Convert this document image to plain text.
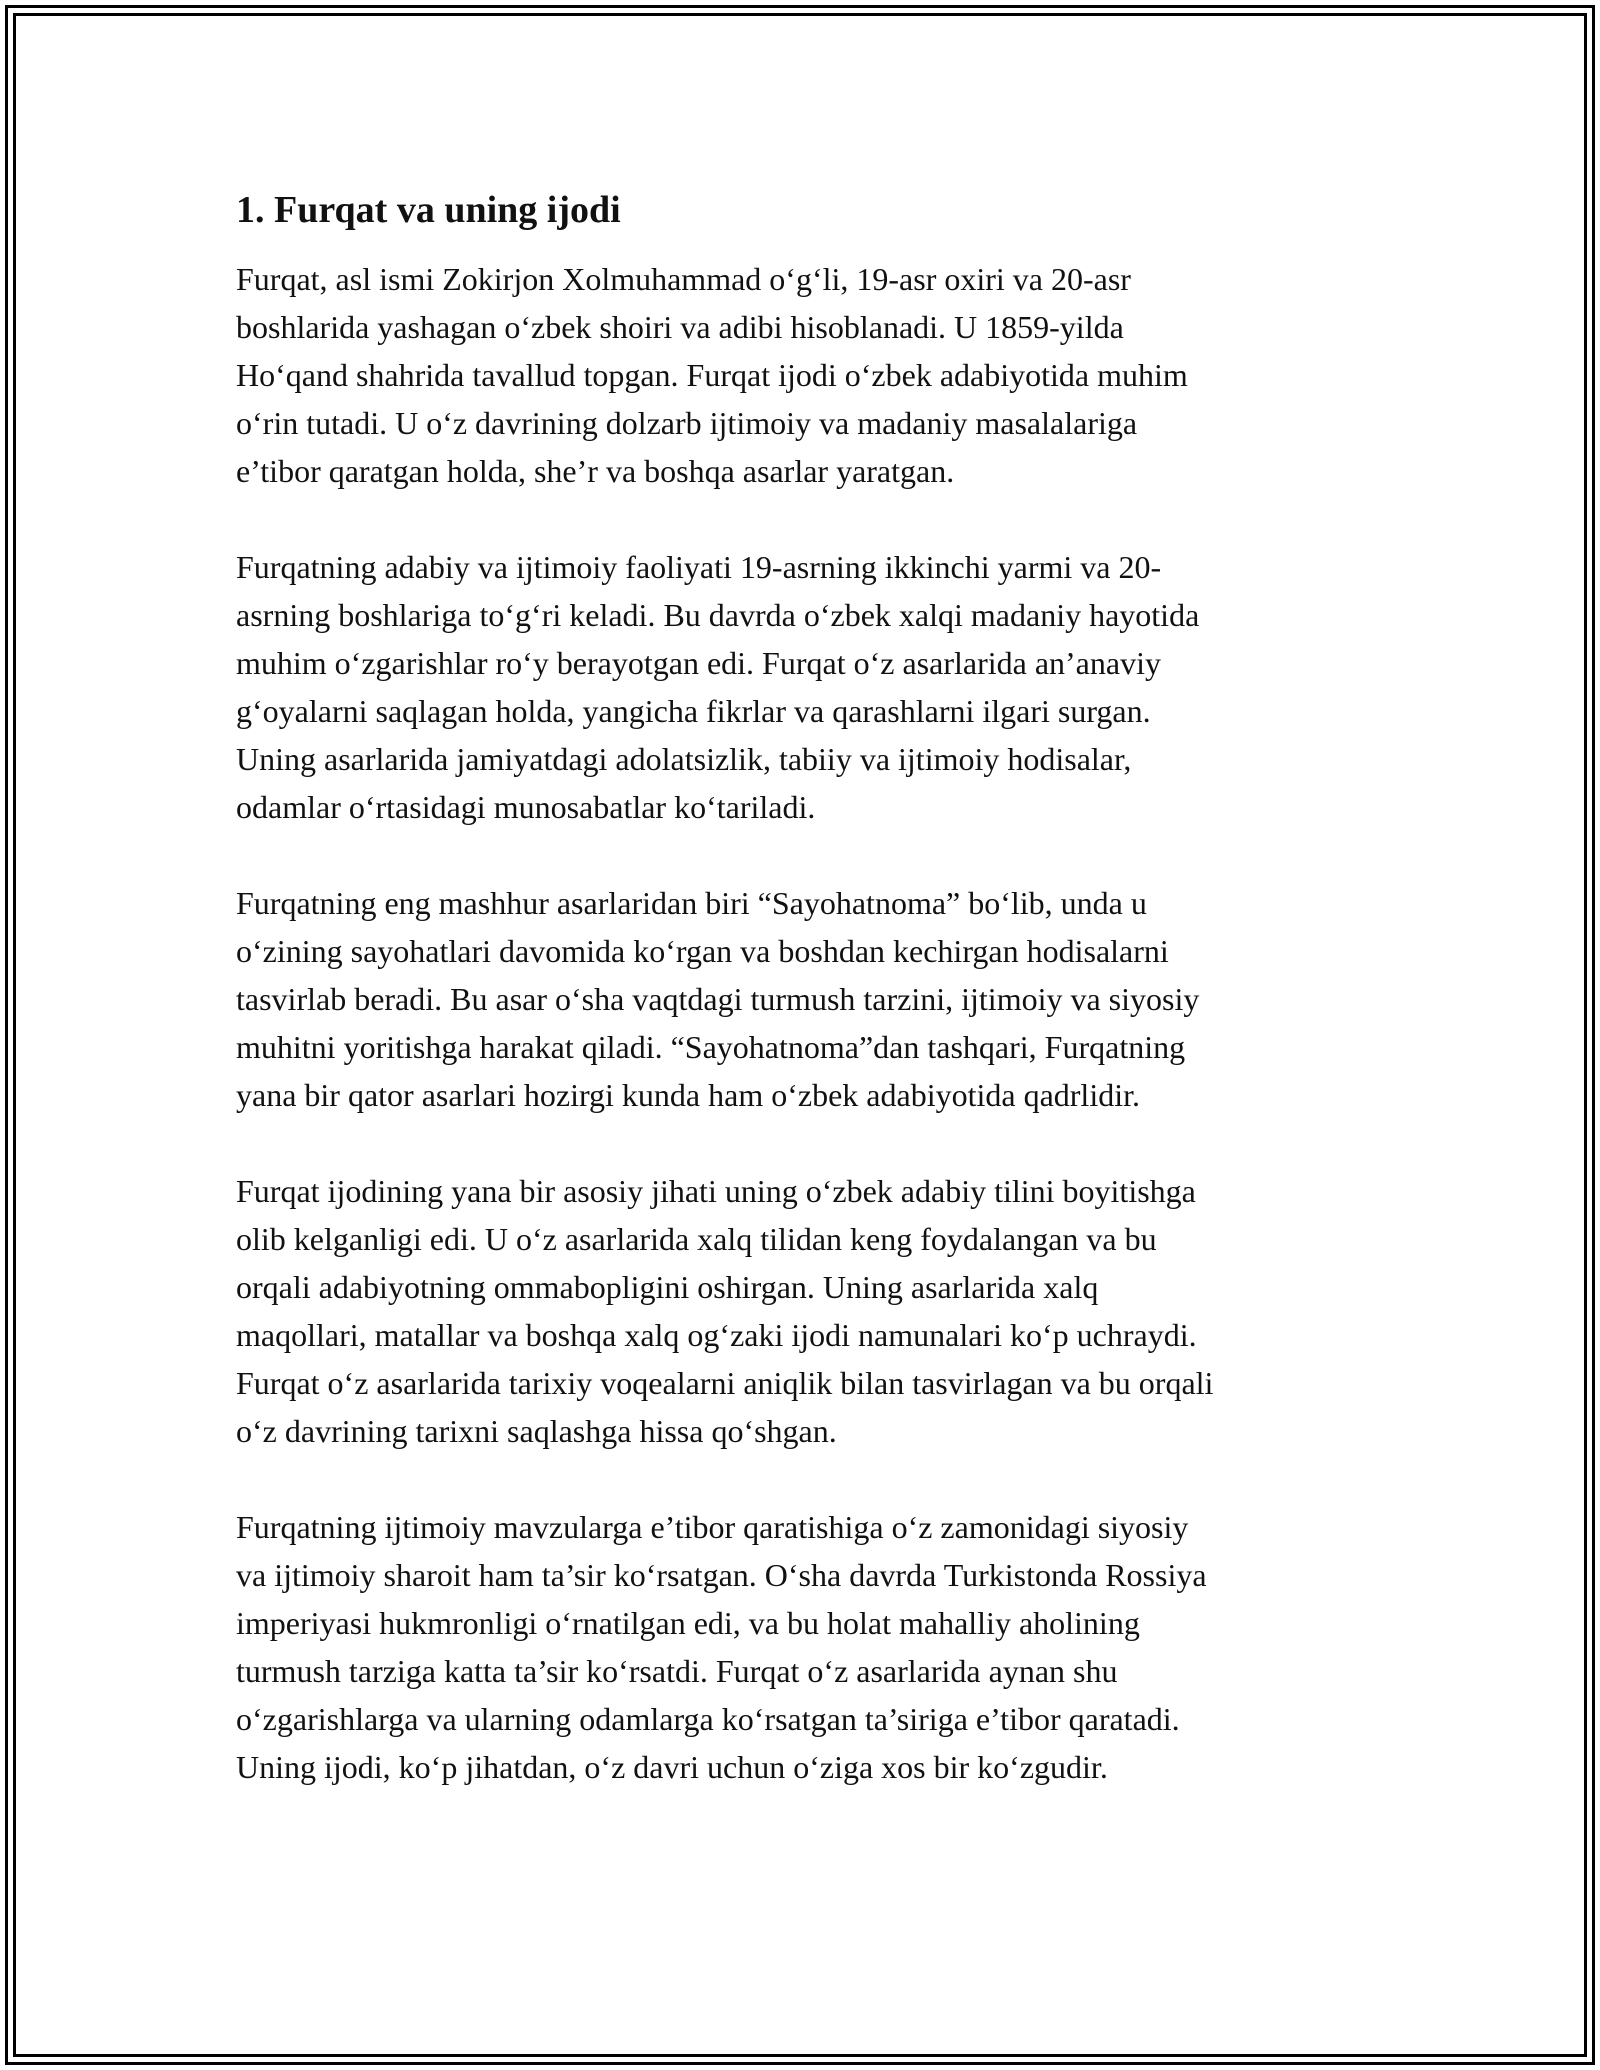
1. Furqat va uning ijodi
Furqat, asl ismi Zokirjon Xolmuhammad o‘g‘li, 19-asr oxiri va 20-asr
boshlarida yashagan o‘zbek shoiri va adibi hisoblanadi. U 1859-yilda
Ho‘qand shahrida tavallud topgan. Furqat ijodi o‘zbek adabiyotida muhim
o‘rin tutadi. U o‘z davrining dolzarb ijtimoiy va madaniy masalalariga
e’tibor qaratgan holda, she’r va boshqa asarlar yaratgan.
Furqatning adabiy va ijtimoiy faoliyati 19-asrning ikkinchi yarmi va 20-
asrning boshlariga to‘g‘ri keladi. Bu davrda o‘zbek xalqi madaniy hayotida
muhim o‘zgarishlar ro‘y berayotgan edi. Furqat o‘z asarlarida an’anaviy
g‘oyalarni saqlagan holda, yangicha fikrlar va qarashlarni ilgari surgan.
Uning asarlarida jamiyatdagi adolatsizlik, tabiiy va ijtimoiy hodisalar,
odamlar o‘rtasidagi munosabatlar ko‘tariladi.
Furqatning eng mashhur asarlaridan biri “Sayohatnoma” bo‘lib, unda u
o‘zining sayohatlari davomida ko‘rgan va boshdan kechirgan hodisalarni
tasvirlab beradi. Bu asar o‘sha vaqtdagi turmush tarzini, ijtimoiy va siyosiy
muhitni yoritishga harakat qiladi. “Sayohatnoma”dan tashqari, Furqatning
yana bir qator asarlari hozirgi kunda ham o‘zbek adabiyotida qadrlidir.
Furqat ijodining yana bir asosiy jihati uning o‘zbek adabiy tilini boyitishga
olib kelganligi edi. U o‘z asarlarida xalq tilidan keng foydalangan va bu
orqali adabiyotning ommabopligini oshirgan. Uning asarlarida xalq
maqollari, matallar va boshqa xalq og‘zaki ijodi namunalari ko‘p uchraydi.
Furqat o‘z asarlarida tarixiy voqealarni aniqlik bilan tasvirlagan va bu orqali
o‘z davrining tarixni saqlashga hissa qo‘shgan.
Furqatning ijtimoiy mavzularga e’tibor qaratishiga o‘z zamonidagi siyosiy
va ijtimoiy sharoit ham ta’sir ko‘rsatgan. O‘sha davrda Turkistonda Rossiya
imperiyasi hukmronligi o‘rnatilgan edi, va bu holat mahalliy aholining
turmush tarziga katta ta’sir ko‘rsatdi. Furqat o‘z asarlarida aynan shu
o‘zgarishlarga va ularning odamlarga ko‘rsatgan ta’siriga e’tibor qaratadi.
Uning ijodi, ko‘p jihatdan, o‘z davri uchun o‘ziga xos bir ko‘zgudir.
